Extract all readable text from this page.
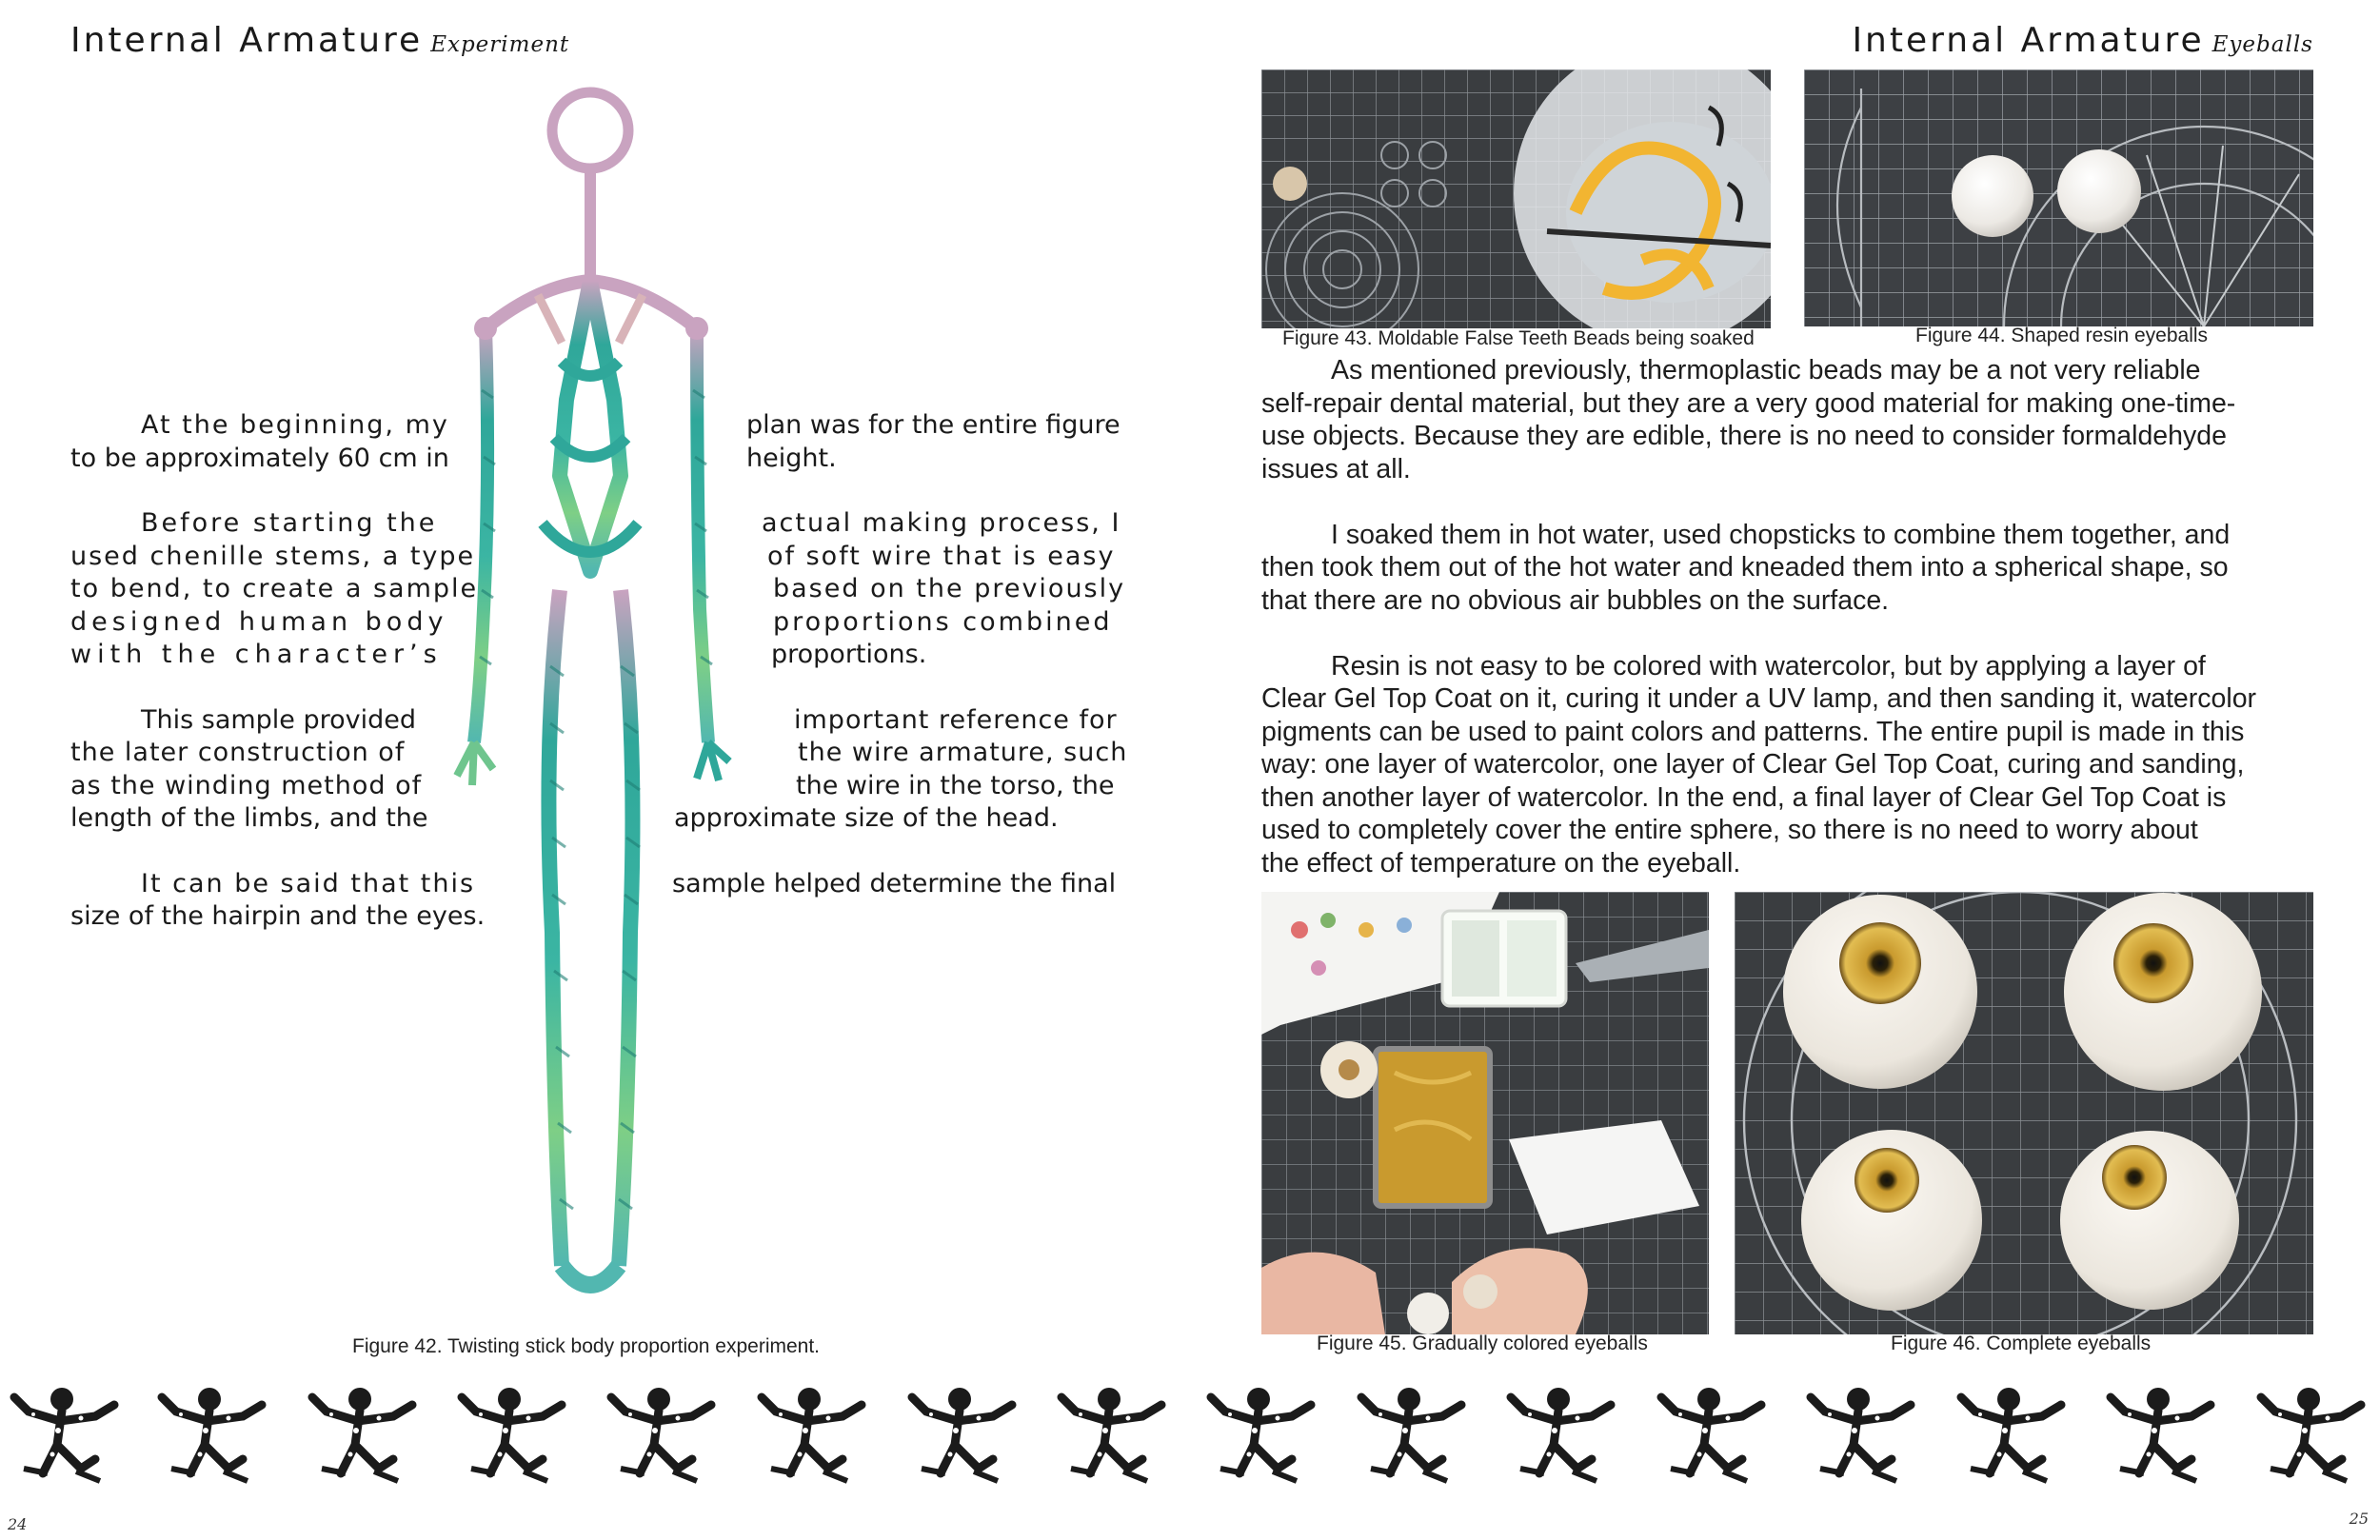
Internal Armature Experiment
At the beginning, my
to be approximately 60 cm in
Before starting the
used chenille stems, a type
to bend, to create a sample
designed human body
with the character’s
This sample provided
the later construction of
as the winding method of
length of the limbs, and the
It can be said that this
size of the hairpin and the eyes.
plan was for the entire figure
height.
actual making process, I
of soft wire that is easy
based on the previously
proportions combined
proportions.
important reference for
the wire armature, such
the wire in the torso, the
approximate size of the head.
sample helped determine the final
Figure 42. Twisting stick body proportion experiment.
Internal Armature Eyeballs
Figure 43. Moldable False Teeth Beads being soaked	Figure 44. Shaped resin eyeballs
As mentioned previously, thermoplastic beads may be a not very reliable
self-repair dental material, but they are a very good material for making one-time-
use objects. Because they are edible, there is no need to consider formaldehyde
issues at all.
I soaked them in hot water, used chopsticks to combine them together, and
then took them out of the hot water and kneaded them into a spherical shape, so
that there are no obvious air bubbles on the surface.
Resin is not easy to be colored with watercolor, but by applying a layer of
Clear Gel Top Coat on it, curing it under a UV lamp, and then sanding it, watercolor
pigments can be used to paint colors and patterns. The entire pupil is made in this
way: one layer of watercolor, one layer of Clear Gel Top Coat, curing and sanding,
then another layer of watercolor. In the end, a final layer of Clear Gel Top Coat is
used to completely cover the entire sphere, so there is no need to worry about
the effect of temperature on the eyeball.
Figure 45. Gradually colored eyeballs	Figure 46. Complete eyeballs
24	25
